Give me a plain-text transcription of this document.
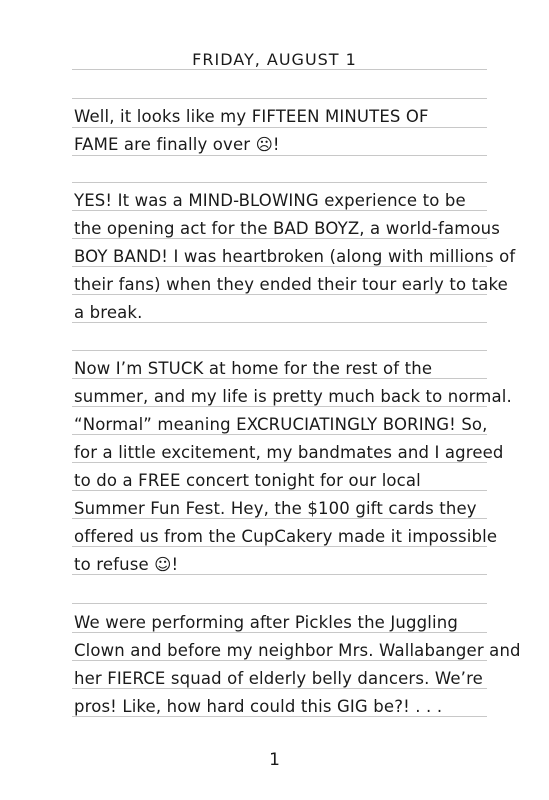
FRIDAY, AUGUST 1
Well, it looks like my FIFTEEN MINUTES OF
FAME are finally over ☹!
YES! It was a MIND-BLOWING experience to be
the opening act for the BAD BOYZ, a world-famous
BOY BAND! I was heartbroken (along with millions of
their fans) when they ended their tour early to take
a break.
Now I’m STUCK at home for the rest of the
summer, and my life is pretty much back to normal.
“Normal” meaning EXCRUCIATINGLY BORING! So,
for a little excitement, my bandmates and I agreed
to do a FREE concert tonight for our local
Summer Fun Fest. Hey, the $100 gift cards they
offered us from the CupCakery made it impossible
to refuse ☺!
We were performing after Pickles the Juggling
Clown and before my neighbor Mrs. Wallabanger and
her FIERCE squad of elderly belly dancers. We’re
pros! Like, how hard could this GIG be?! . . .
1
